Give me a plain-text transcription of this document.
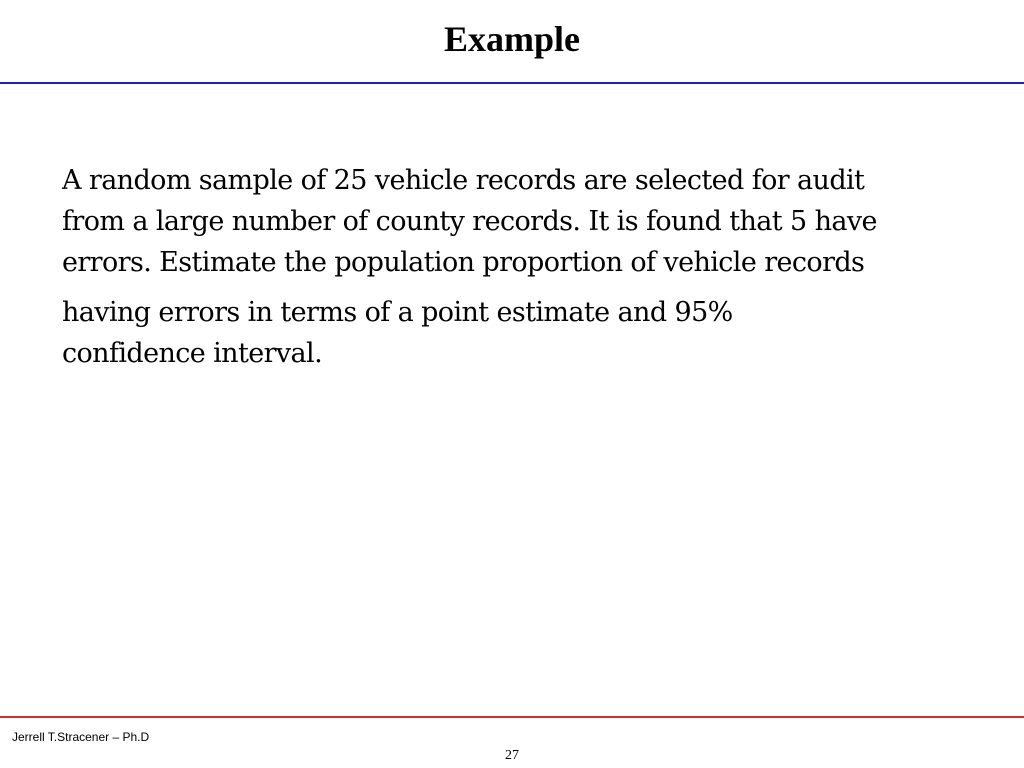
Example
A random sample of 25 vehicle records are selected for audit
from a large number of county records. It is found that 5 have
errors. Estimate the population proportion of vehicle records
having errors in terms of a point estimate and 95%
confidence interval.
Jerrell T.Stracener – Ph.D
27
